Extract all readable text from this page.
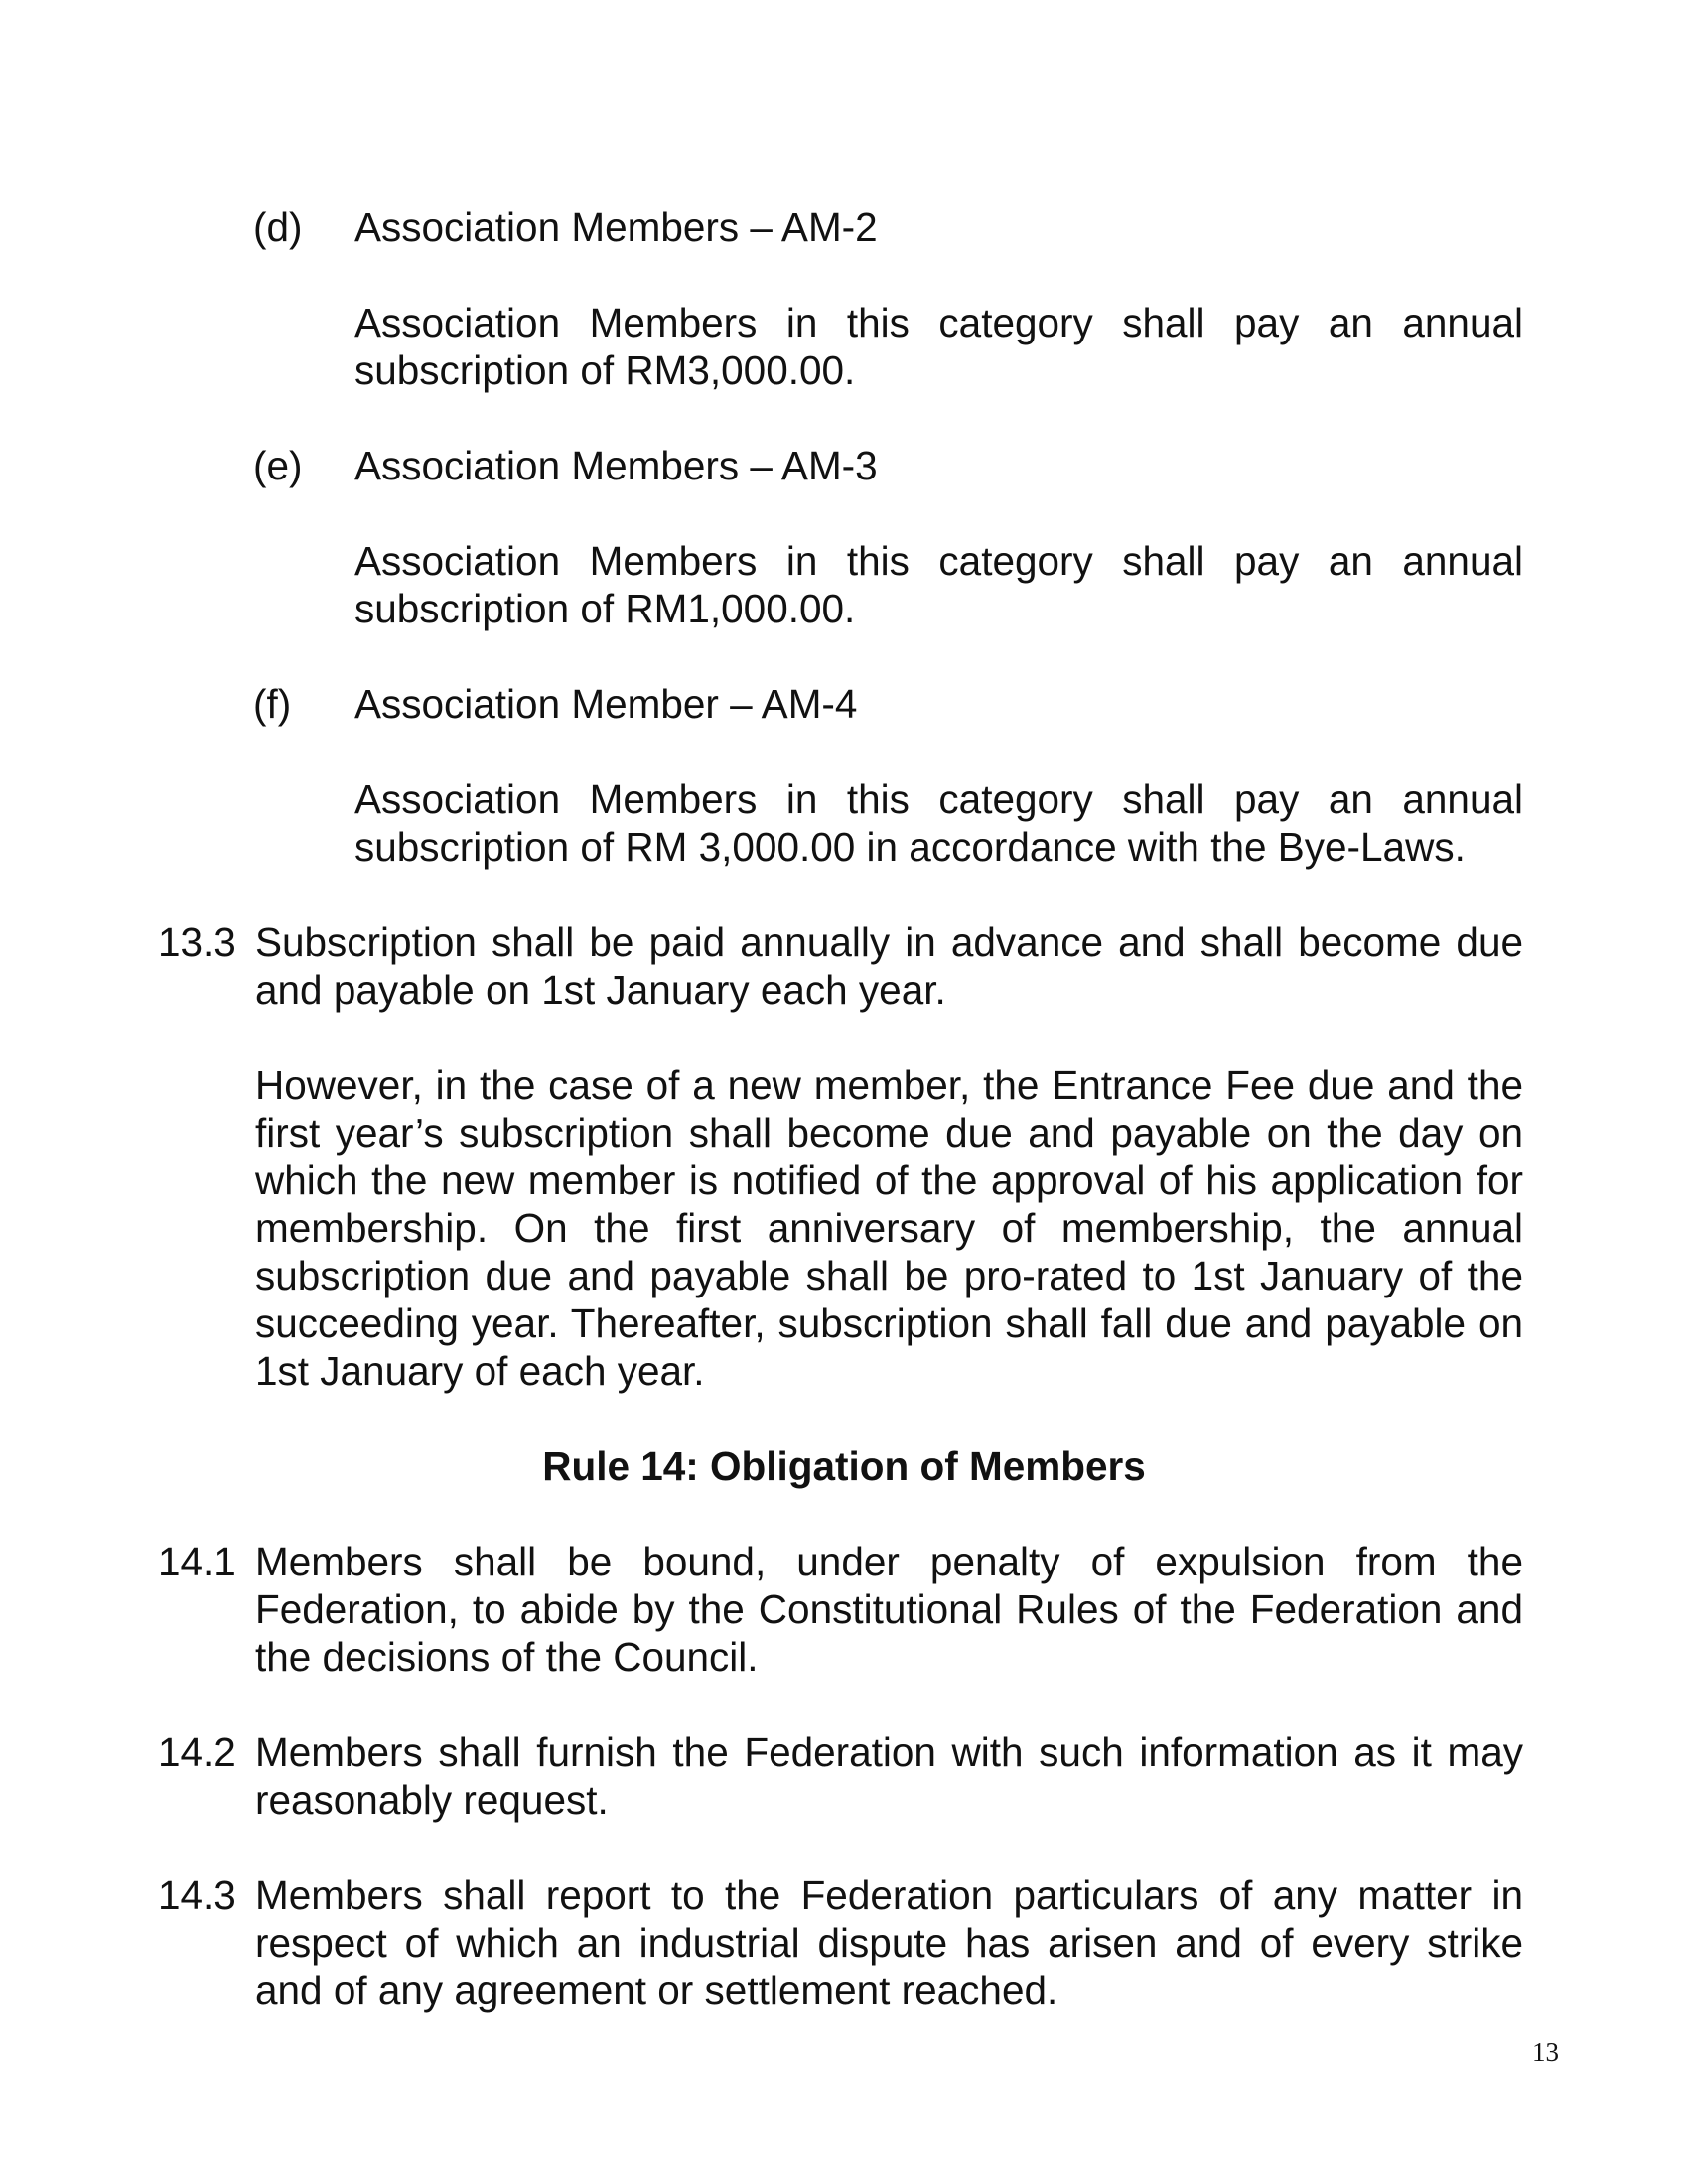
(d)	Association Members – AM-2
Association Members in this category shall pay an annual subscription of RM3,000.00.
(e)	Association Members – AM-3
Association Members in this category shall pay an annual subscription of RM1,000.00.
(f)	Association Member – AM-4
Association Members in this category shall pay an annual subscription of RM 3,000.00 in accordance with the Bye-Laws.
13.3 Subscription shall be paid annually in advance and shall become due and payable on 1st January each year.
However, in the case of a new member, the Entrance Fee due and the first year’s subscription shall become due and payable on the day on which the new member is notified of the approval of his application for membership. On the first anniversary of membership, the annual subscription due and payable shall be pro-rated to 1st January of the succeeding year. Thereafter, subscription shall fall due and payable on 1st January of each year.
Rule 14: Obligation of Members
14.1 Members shall be bound, under penalty of expulsion from the Federation, to abide by the Constitutional Rules of the Federation and the decisions of the Council.
14.2 Members shall furnish the Federation with such information as it may reasonably request.
14.3 Members shall report to the Federation particulars of any matter in respect of which an industrial dispute has arisen and of every strike and of any agreement or settlement reached.
13
